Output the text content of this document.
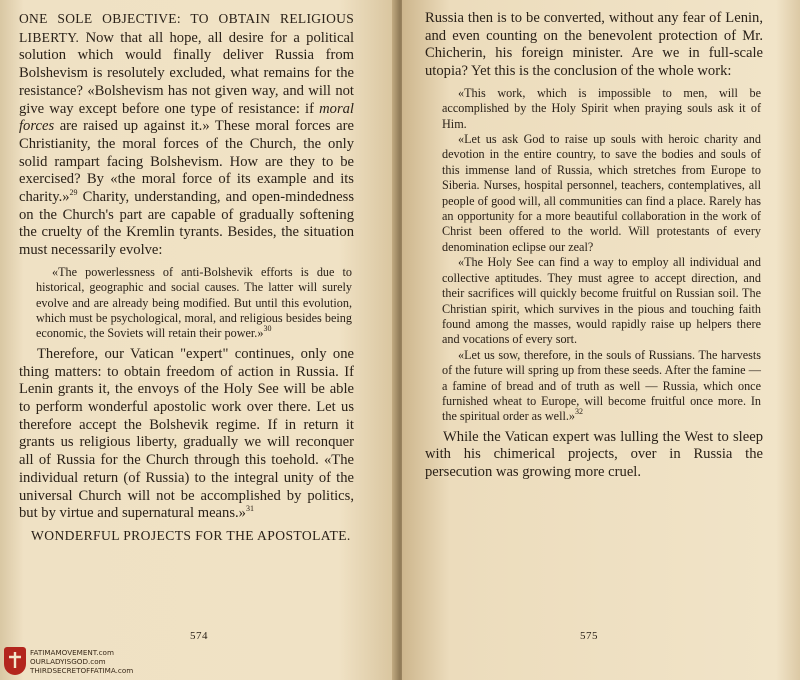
ONE SOLE OBJECTIVE: TO OBTAIN RELIGIOUS LIBERTY. Now that all hope, all desire for a political solution which would finally deliver Russia from Bolshevism is resolutely excluded, what remains for the resistance? «Bolshevism has not given way, and will not give way except before one type of resistance: if moral forces are raised up against it.» These moral forces are Christianity, the moral forces of the Church, the only solid rampart facing Bolshevism. How are they to be exercised? By «the moral force of its example and its charity.»$^{29}$ Charity, understanding, and open-mindedness on the Church's part are capable of gradually softening the cruelty of the Kremlin tyrants. Besides, the situation must necessarily evolve:

«The powerlessness of anti-Bolshevik efforts is due to historical, geographic and social causes. The latter will surely evolve and are already being modified. But until this evolution, which must be psychological, moral, and religious besides being economic, the Soviets will retain their power.»$^{30}$

Therefore, our Vatican "expert" continues, only one thing matters: to obtain freedom of action in Russia. If Lenin grants it, the envoys of the Holy See will be able to perform wonderful apostolic work over there. Let us therefore accept the Bolshevik regime. If in return it grants us religious liberty, gradually we will reconquer all of Russia for the Church through this toehold. «The individual return (of Russia) to the integral unity of the universal Church will not be accomplished by politics, but by virtue and supernatural means.»$^{31}$

WONDERFUL PROJECTS FOR THE APOSTOLATE.

574

Russia then is to be converted, without any fear of Lenin, and even counting on the benevolent protection of Mr. Chicherin, his foreign minister. Are we in full-scale utopia? Yet this is the conclusion of the whole work:

«This work, which is impossible to men, will be accomplished by the Holy Spirit when praying souls ask it of Him.

«Let us ask God to raise up souls with heroic charity and devotion in the entire country, to save the bodies and souls of this immense land of Russia, which stretches from Europe to Siberia. Nurses, hospital personnel, teachers, contemplatives, all people of good will, all communities can find a place. Rarely has an opportunity for a more beautiful collaboration in the work of Christ been offered to the world. Will protestants of every denomination eclipse our zeal?

«The Holy See can find a way to employ all individual and collective aptitudes. They must agree to accept direction, and their sacrifices will quickly become fruitful on Russian soil. The Christian spirit, which survives in the pious and touching faith found among the masses, would rapidly raise up helpers there and vocations of every sort.

«Let us sow, therefore, in the souls of Russians. The harvests of the future will spring up from these seeds. After the famine — a famine of bread and of truth as well — Russia, which once furnished wheat to Europe, will become fruitful once more. In the spiritual order as well.»$^{32}$

While the Vatican expert was lulling the West to sleep with his chimerical projects, over in Russia the persecution was growing more cruel.

575
FATIMAMOVEMENT.com
OURLADYISGOD.com
THIRDSECRETOFFATIMA.com
